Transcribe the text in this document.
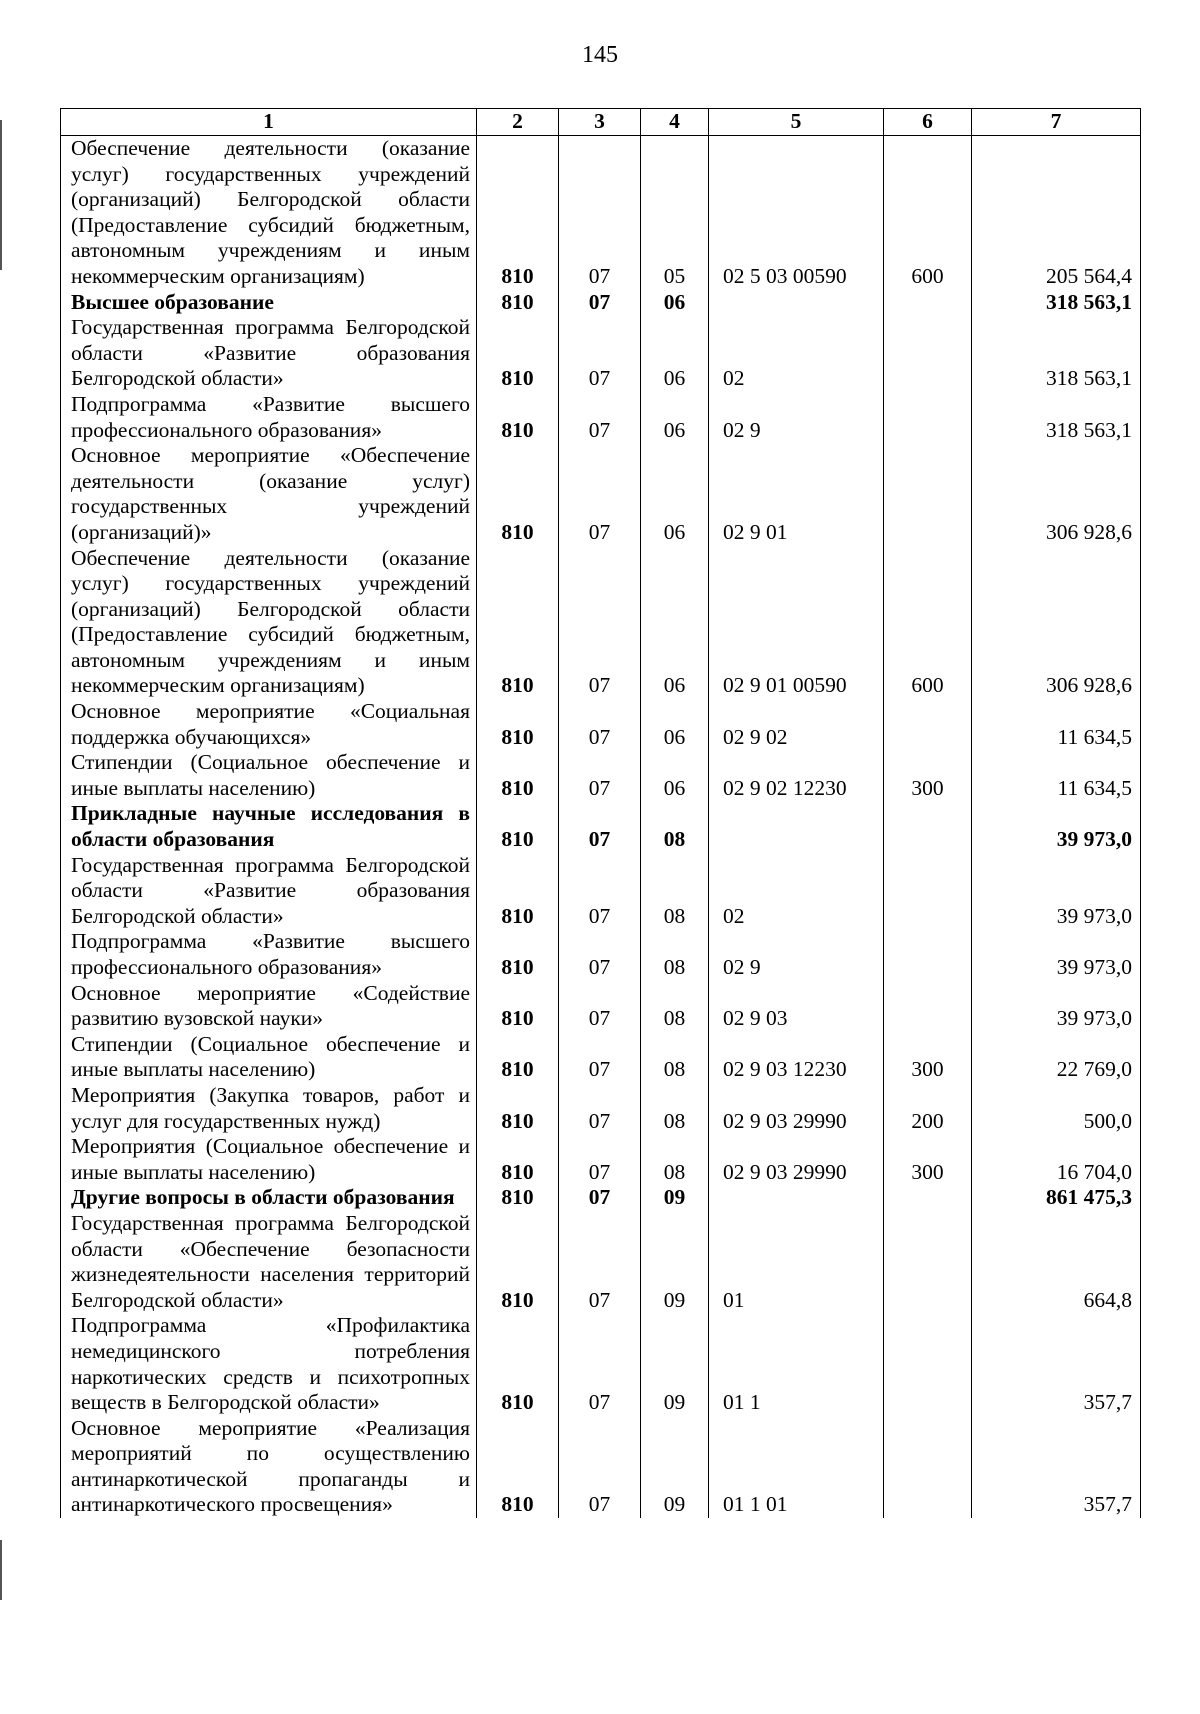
145
1	2	3	4	5	6	7
Обеспечение деятельности (оказание услуг) государственных учреждений (организаций) Белгородской области (Предоставление субсидий бюджетным, автономным учреждениям и иным некоммерческим организациям)	810	07	05	02 5 03 00590	600	205 564,4
Высшее образование	810	07	06			318 563,1
Государственная программа Белгородской области «Развитие образования Белгородской области»	810	07	06	02		318 563,1
Подпрограмма «Развитие высшего профессионального образования»	810	07	06	02 9		318 563,1
Основное мероприятие «Обеспечение деятельности (оказание услуг) государственных учреждений (организаций)»	810	07	06	02 9 01		306 928,6
Обеспечение деятельности (оказание услуг) государственных учреждений (организаций) Белгородской области (Предоставление субсидий бюджетным, автономным учреждениям и иным некоммерческим организациям)	810	07	06	02 9 01 00590	600	306 928,6
Основное мероприятие «Социальная поддержка обучающихся»	810	07	06	02 9 02		11 634,5
Стипендии (Социальное обеспечение и иные выплаты населению)	810	07	06	02 9 02 12230	300	11 634,5
Прикладные научные исследования в области образования	810	07	08			39 973,0
Государственная программа Белгородской области «Развитие образования Белгородской области»	810	07	08	02		39 973,0
Подпрограмма «Развитие высшего профессионального образования»	810	07	08	02 9		39 973,0
Основное мероприятие «Содействие развитию вузовской науки»	810	07	08	02 9 03		39 973,0
Стипендии (Социальное обеспечение и иные выплаты населению)	810	07	08	02 9 03 12230	300	22 769,0
Мероприятия (Закупка товаров, работ и услуг для государственных нужд)	810	07	08	02 9 03 29990	200	500,0
Мероприятия (Социальное обеспечение и иные выплаты населению)	810	07	08	02 9 03 29990	300	16 704,0
Другие вопросы в области образования	810	07	09			861 475,3
Государственная программа Белгородской области «Обеспечение безопасности жизнедеятельности населения территорий Белгородской области»	810	07	09	01		664,8
Подпрограмма «Профилактика немедицинского потребления наркотических средств и психотропных веществ в Белгородской области»	810	07	09	01 1		357,7
Основное мероприятие «Реализация мероприятий по осуществлению антинаркотической пропаганды и антинаркотического просвещения»	810	07	09	01 1 01		357,7
